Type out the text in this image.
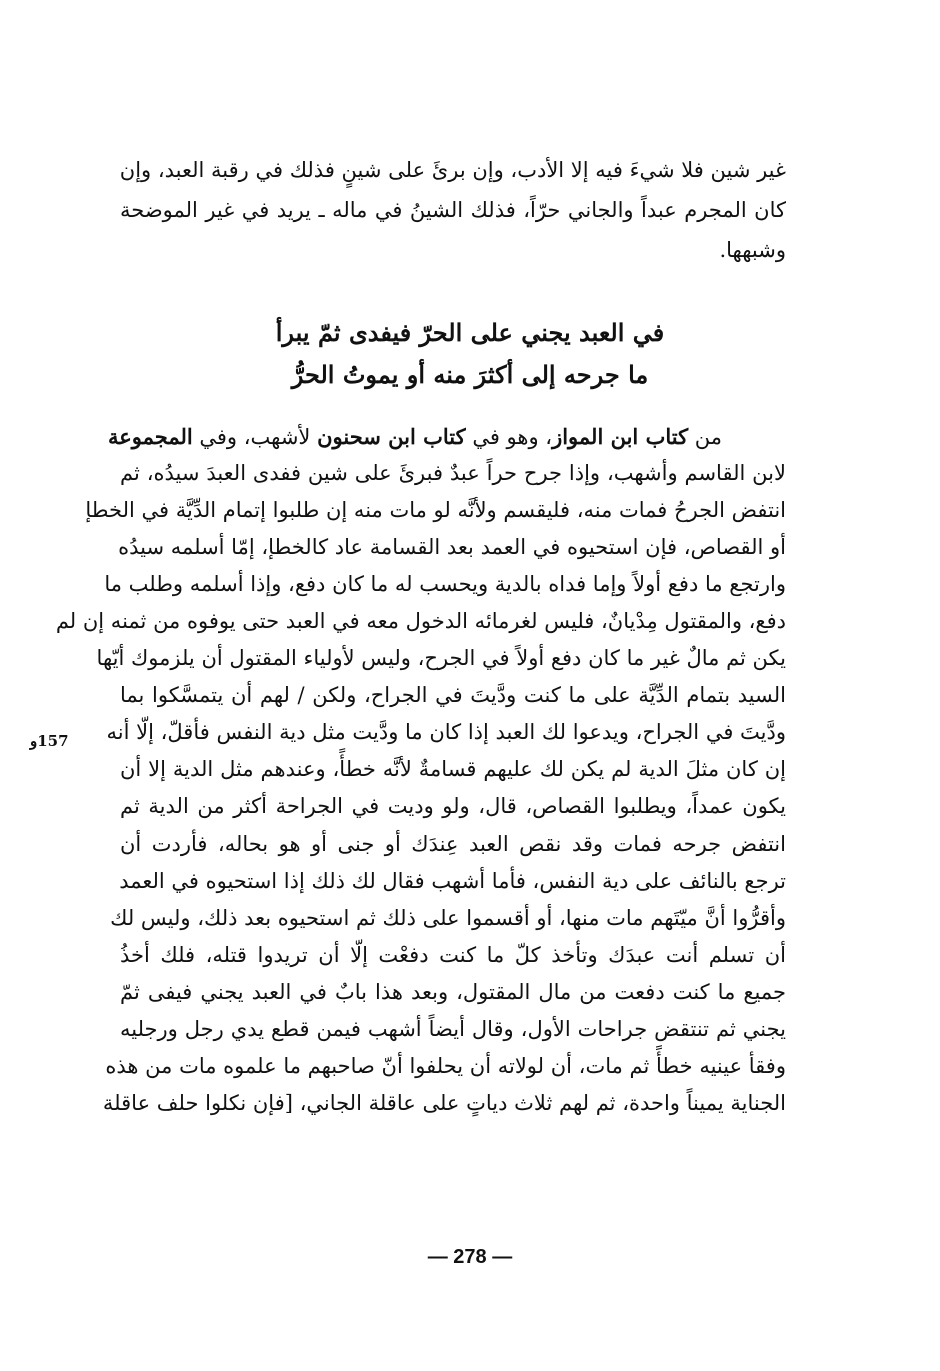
غير شين فلا شيءَ فيه إلا الأدب، وإن برئَ على شينٍ فذلك في رقبة العبد، وإن
كان المجرم عبداً والجاني حرّاً، فذلك الشينُ في ماله ـ يريد في غير الموضحة
وشبهها.
في العبد يجني على الحرّ فيفدى ثمّ يبرأ
ما جرحه إلى أكثرَ منه أو يموتُ الحرُّ
من كتاب ابن المواز، وهو في كتاب ابن سحنون لأشهب، وفي المجموعة
لابن القاسم وأشهب، وإذا جرح حراً عبدٌ فبرئَ على شين ففدى العبدَ سيدُه، ثم
انتفض الجرحُ فمات منه، فليقسم ولأنَّه لو مات منه إن طلبوا إتمام الدِّيَّة في الخطإ
أو القصاص، فإن استحيوه في العمد بعد القسامة عاد كالخطإ، إمّا أسلمه سيدُه
وارتجع ما دفع أولاً وإما فداه بالدية ويحسب له ما كان دفع، وإذا أسلمه وطلب ما
دفع، والمقتول مِدْيانٌ، فليس لغرمائه الدخول معه في العبد حتى يوفوه من ثمنه إن لم
يكن ثم مالٌ غير ما كان دفع أولاً في الجرح، وليس لأولياء المقتول أن يلزموك أيّها
السيد بتمام الدِّيَّة على ما كنت ودَّيتَ في الجراح، ولكن / لهم أن يتمسَّكوا بما
ودَّيتَ في الجراح، ويدعوا لك العبد إذا كان ما ودَّيت مثل دية النفس فأقلّ، إلّا أنه
إن كان مثلَ الدية لم يكن لك عليهم قسامةٌ لأنَّه خطأً، وعندهم مثل الدية إلا أن
يكون عمداً، ويطلبوا القصاص، قال، ولو وديت في الجراحة أكثر من الدية ثم
انتفض جرحه فمات وقد نقص العبد عِندَك أو جنى أو هو بحاله، فأردت أن
ترجع بالنائف على دية النفس، فأما أشهب فقال لك ذلك إذا استحيوه في العمد
وأقرُّوا أنَّ ميّتَهم مات منها، أو أقسموا على ذلك ثم استحيوه بعد ذلك، وليس لك
أن تسلم أنت عبدَك وتأخذ كلّ ما كنت دفعْت إلّا أن تريدوا قتله، فلك أخذُ
جميع ما كنت دفعت من مال المقتول، وبعد هذا بابٌ في العبد يجني فيفى ثمّ
يجني ثم تنتقض جراحات الأول، وقال أيضاً أشهب فيمن قطع يدي رجل ورجليه
وفقأ عينيه خطأً ثم مات، أن لولاته أن يحلفوا أنّ صاحبهم ما علموه مات من هذه
الجناية يميناً واحدة، ثم لهم ثلاث دياتٍ على عاقلة الجاني، [فإن نكلوا حلف عاقلة
157و
— 278 —
